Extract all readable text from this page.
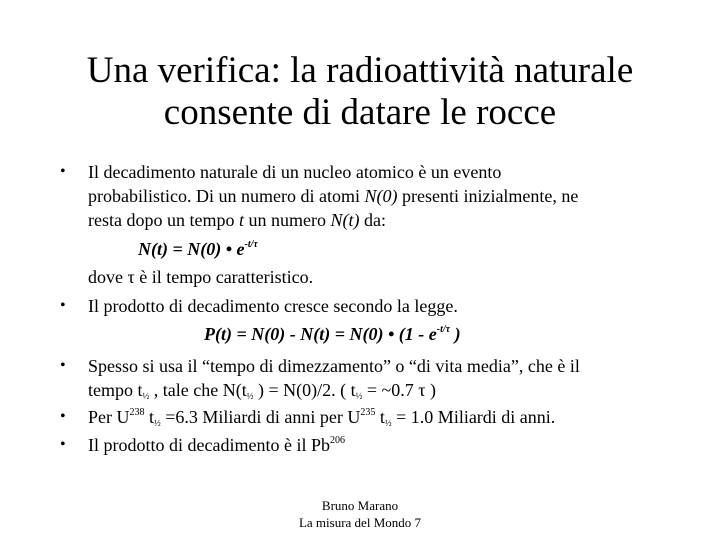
Una verifica: la radioattività naturale
consente di datare le rocce
• Il decadimento naturale di un nucleo atomico è un evento
probabilistico. Di un numero di atomi N(0) presenti inizialmente, ne
resta dopo un tempo t un numero N(t) da:
N(t) = N(0) • $e^{-t/\tau}$
dove τ è il tempo caratteristico.
• Il prodotto di decadimento cresce secondo la legge.
P(t) = N(0) - N(t) = N(0) • ($1 - e^{-t/\tau}$ )
• Spesso si usa il “tempo di dimezzamento” o “di vita media”, che è il
tempo $t_{\frac{1}{2}}$ , tale che $N(t_{\frac{1}{2}}$ ) = N(0)/2. ( $t_{\frac{1}{2}}$ = ~0.7 τ )
• Per $U^{238}$ $t_{\frac{1}{2}} =6.3$ Miliardi di anni per $U^{235}$ $t_{\frac{1}{2}} = 1.0$ Miliardi di anni.
• Il prodotto di decadimento è il Pb$^{206}$
Bruno Marano
La misura del Mondo 7
